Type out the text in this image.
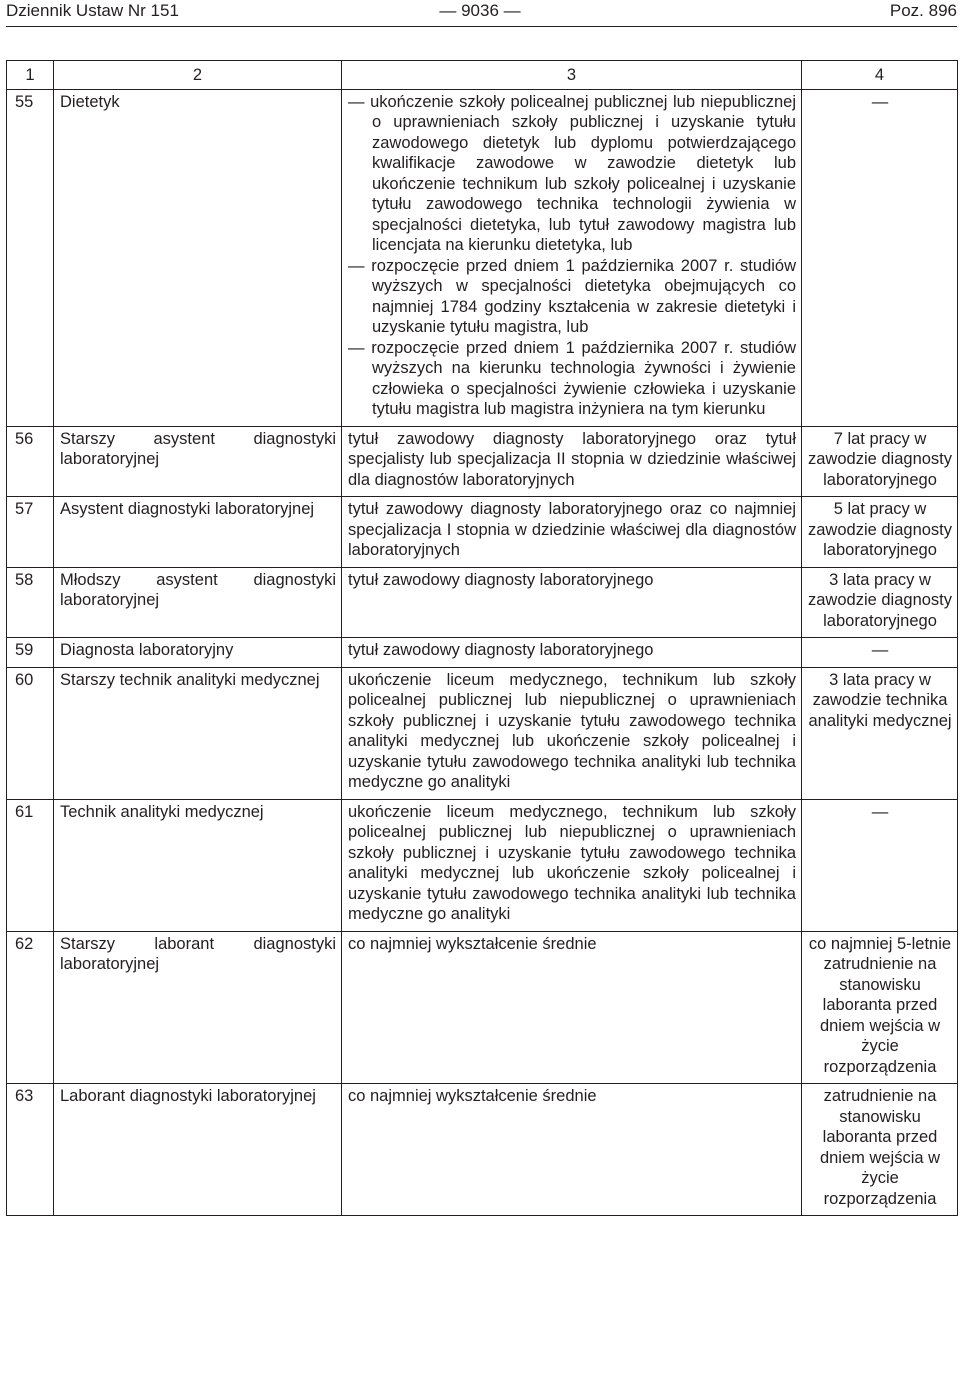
Dziennik Ustaw Nr 151	— 9036 —	Poz. 896
1	2	3	4
55	Dietetyk	— ukończenie szkoły policealnej publicznej lub niepublicznej o uprawnieniach szkoły publicznej i uzyskanie tytułu zawodowego dietetyk lub dyplomu potwierdzającego kwalifikacje zawodowe w zawodzie dietetyk lub ukończenie technikum lub szkoły policealnej i uzyskanie tytułu zawodowego technika technologii żywienia w specjalności dietetyka, lub tytuł zawodowy magistra lub licencjata na kierunku dietetyka, lub
— rozpoczęcie przed dniem 1 października 2007 r. studiów wyższych w specjalności dietetyka obejmujących co najmniej 1784 godziny kształcenia w zakresie dietetyki i uzyskanie tytułu magistra, lub
— rozpoczęcie przed dniem 1 października 2007 r. studiów wyższych na kierunku technologia żywności i żywienie człowieka o specjalności żywienie człowieka i uzyskanie tytułu magistra lub magistra inżyniera na tym kierunku	—
56	Starszy asystent diagnostyki laboratoryjnej	tytuł zawodowy diagnosty laboratoryjnego oraz tytuł specjalisty lub specjalizacja II stopnia w dziedzinie właściwej dla diagnostów laboratoryjnych	7 lat pracy w zawodzie diagnosty laboratoryjnego
57	Asystent diagnostyki laboratoryjnej	tytuł zawodowy diagnosty laboratoryjnego oraz co najmniej specjalizacja I stopnia w dziedzinie właściwej dla diagnostów laboratoryjnych	5 lat pracy w zawodzie diagnosty laboratoryjnego
58	Młodszy asystent diagnostyki laboratoryjnej	tytuł zawodowy diagnosty laboratoryjnego	3 lata pracy w zawodzie diagnosty laboratoryjnego
59	Diagnosta laboratoryjny	tytuł zawodowy diagnosty laboratoryjnego	—
60	Starszy technik analityki medycznej	ukończenie liceum medycznego, technikum lub szkoły policealnej publicznej lub niepublicznej o uprawnieniach szkoły publicznej i uzyskanie tytułu zawodowego technika analityki medycznej lub ukończenie szkoły policealnej i uzyskanie tytułu zawodowego technika analityki lub technika medyczne go analityki	3 lata pracy w zawodzie technika analityki medycznej
61	Technik analityki medycznej	ukończenie liceum medycznego, technikum lub szkoły policealnej publicznej lub niepublicznej o uprawnieniach szkoły publicznej i uzyskanie tytułu zawodowego technika analityki medycznej lub ukończenie szkoły policealnej i uzyskanie tytułu zawodowego technika analityki lub technika medyczne go analityki	—
62	Starszy laborant diagnostyki laboratoryjnej	co najmniej wykształcenie średnie	co najmniej 5-letnie zatrudnienie na stanowisku laboranta przed dniem wejścia w życie rozporządzenia
63	Laborant diagnostyki laboratoryjnej	co najmniej wykształcenie średnie	zatrudnienie na stanowisku laboranta przed dniem wejścia w życie rozporządzenia
